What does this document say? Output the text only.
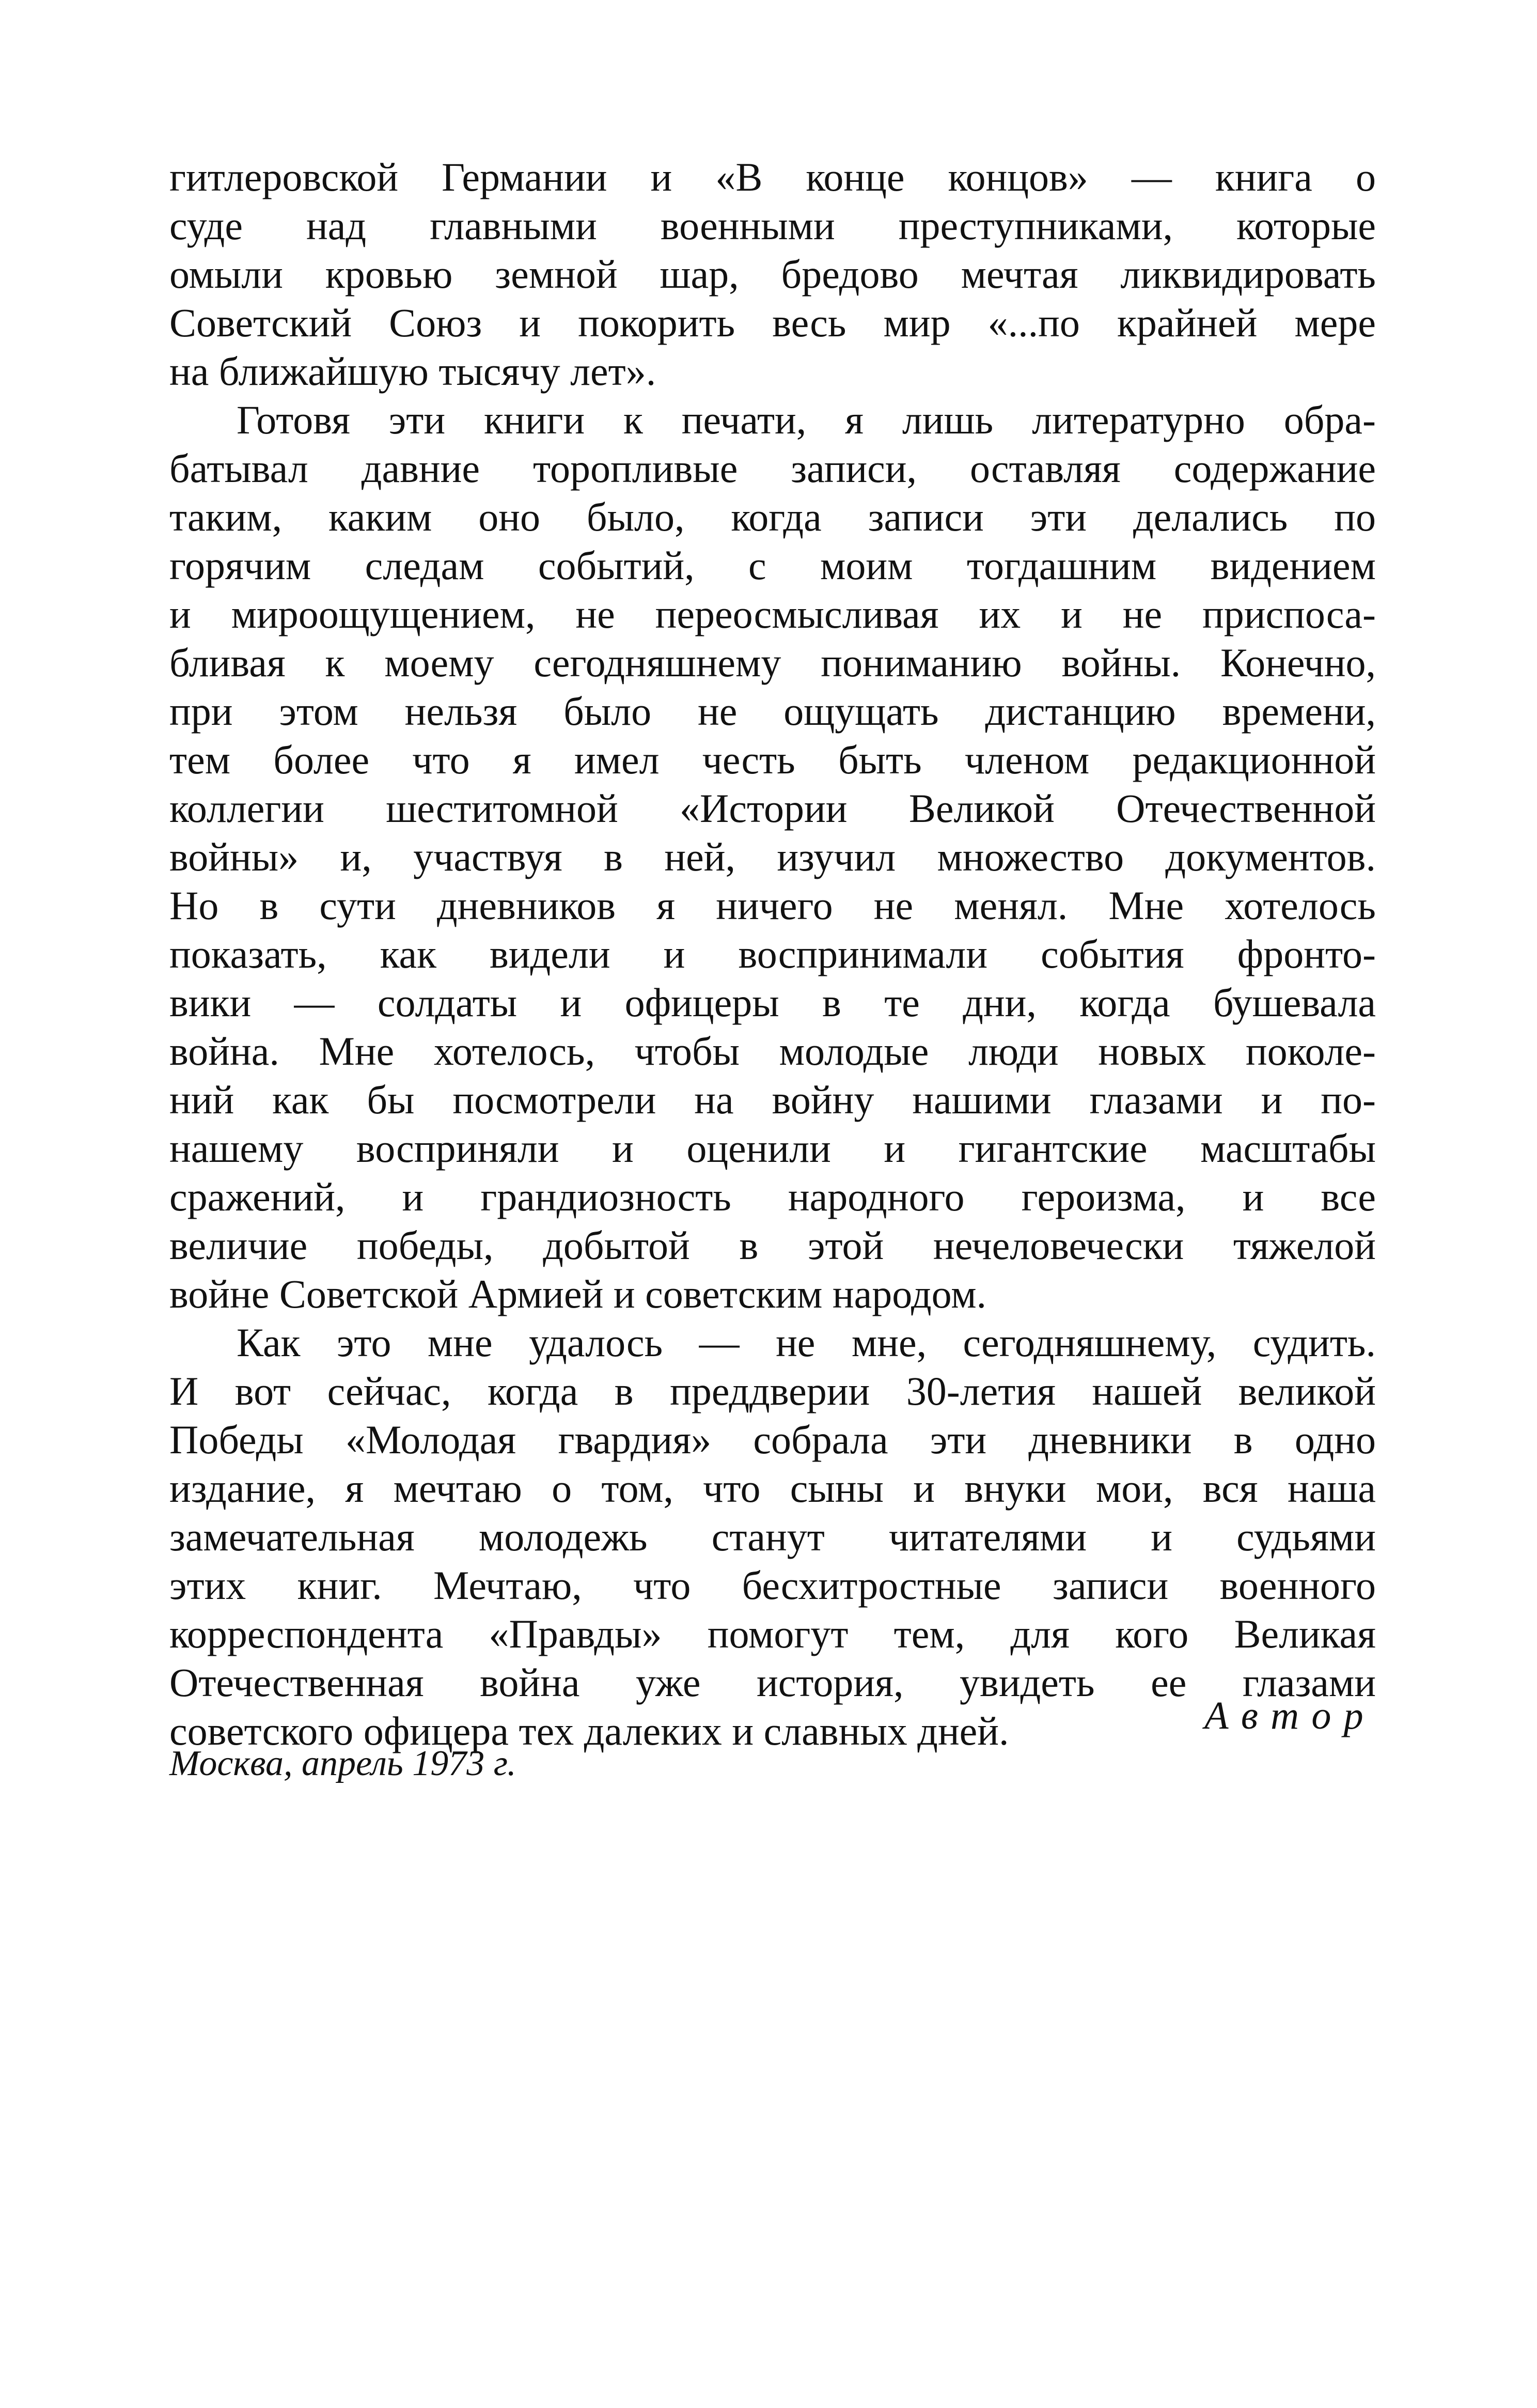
гитлеровской Германии и «В конце концов» — книга о
суде над главными военными преступниками, которые
омыли кровью земной шар, бредово мечтая ликвидировать
Советский Союз и покорить весь мир «...по крайней мере
на ближайшую тысячу лет».

Готовя эти книги к печати, я лишь литературно обра-
батывал давние торопливые записи, оставляя содержание
таким, каким оно было, когда записи эти делались по
горячим следам событий, с моим тогдашним видением
и мироощущением, не переосмысливая их и не приспоса-
бливая к моему сегодняшнему пониманию войны. Конечно,
при этом нельзя было не ощущать дистанцию времени,
тем более что я имел честь быть членом редакционной
коллегии шеститомной «Истории Великой Отечественной
войны» и, участвуя в ней, изучил множество документов.
Но в сути дневников я ничего не менял. Мне хотелось
показать, как видели и воспринимали события фронто-
вики — солдаты и офицеры в те дни, когда бушевала
война. Мне хотелось, чтобы молодые люди новых поколе-
ний как бы посмотрели на войну нашими глазами и по-
нашему восприняли и оценили и гигантские масштабы
сражений, и грандиозность народного героизма, и все
величие победы, добытой в этой нечеловечески тяжелой
войне Советской Армией и советским народом.

Как это мне удалось — не мне, сегодняшнему, судить.
И вот сейчас, когда в преддверии 30-летия нашей великой
Победы «Молодая гвардия» собрала эти дневники в одно
издание, я мечтаю о том, что сыны и внуки мои, вся наша
замечательная молодежь станут читателями и судьями
этих книг. Мечтаю, что бесхитростные записи военного
корреспондента «Правды» помогут тем, для кого Великая
Отечественная война уже история, увидеть ее глазами
советского офицера тех далеких и славных дней.	Автор

Москва, апрель 1973 г.
